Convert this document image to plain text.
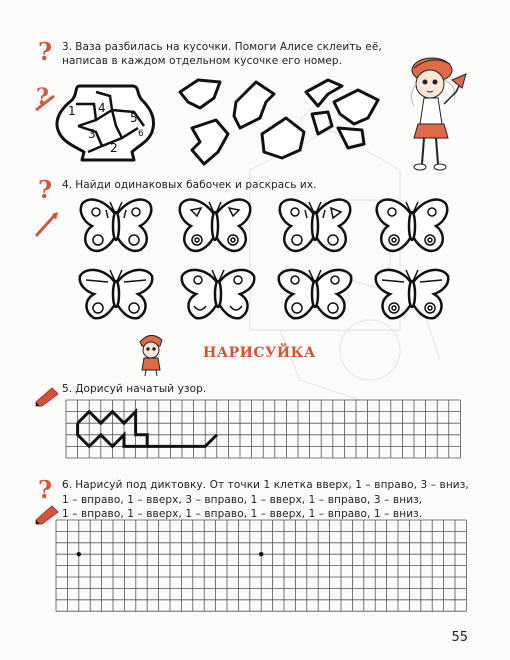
?
?
3. Ваза разбилась на кусочки. Помоги Алисе склеить её,
написав в каждом отдельном кусочке его номер.
1 4
5
3	6
2
? 4. Найди одинаковых бабочек и раскрась их.
НАРИСУЙКА
5. Дорисуй начатый узор.
? 6. Нарисуй под диктовку. От точки 1 клетка вверх, 1 – вправо, 3 – вниз,
1 – вправо, 1 – вверх, 3 – вправо, 1 – вверх, 1 – вправо, 3 – вниз,
1 – вправо, 1 – вверх, 1 – вправо, 1 – вверх, 1 – вправо, 1 – вниз.
55
